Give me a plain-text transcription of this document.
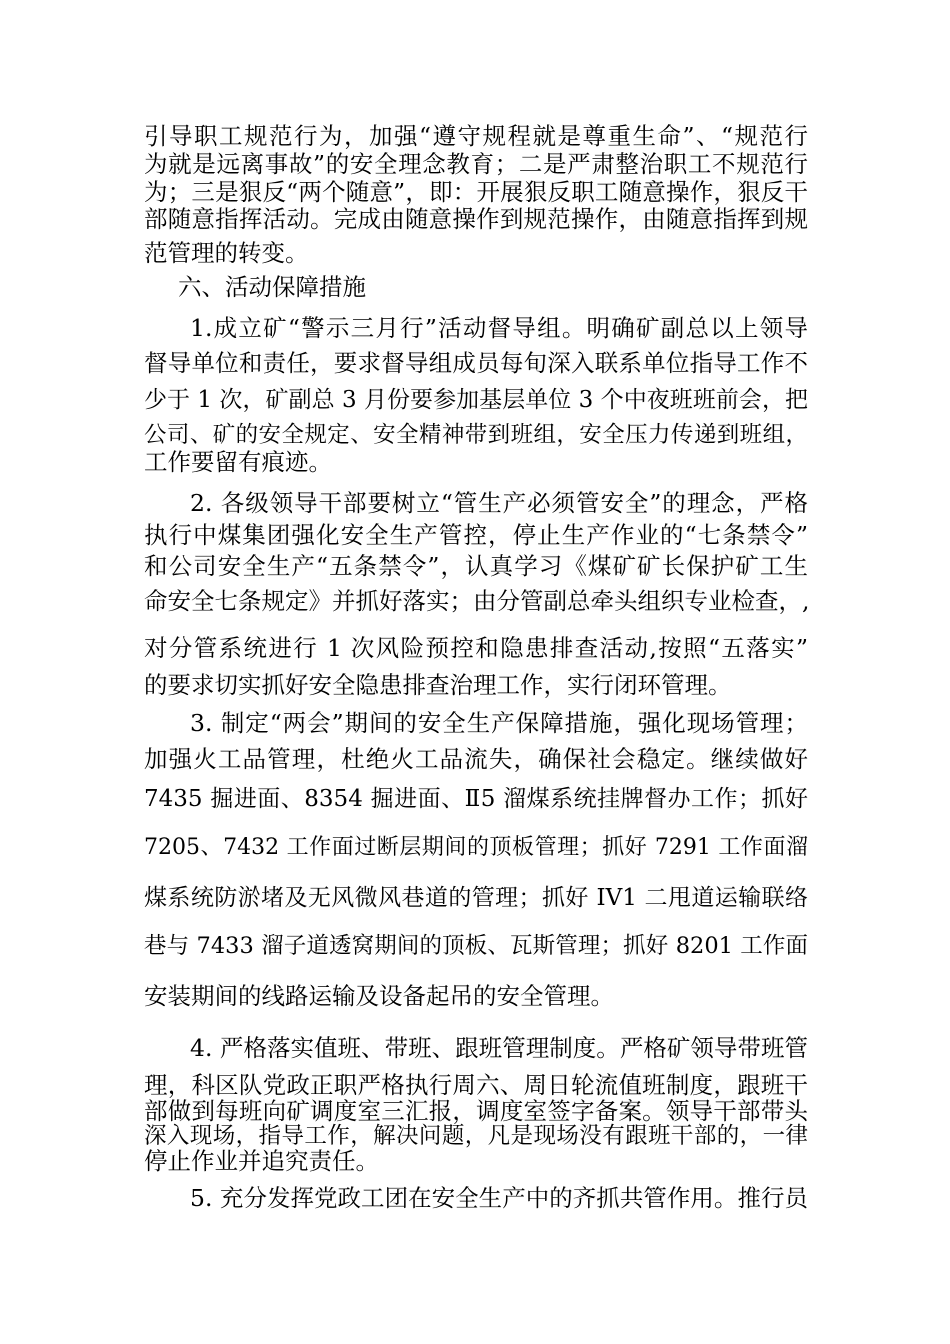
引导职工规范行为，加强“遵守规程就是尊重生命”、“规范行

为就是远离事故”的安全理念教育；二是严肃整治职工不规范行

为；三是狠反“两个随意”，即：开展狠反职工随意操作，狠反干

部随意指挥活动。完成由随意操作到规范操作，由随意指挥到规

范管理的转变。

六、活动保障措施

1.成立矿“警示三月行”活动督导组。明确矿副总以上领导

督导单位和责任，要求督导组成员每旬深入联系单位指导工作不

少于 1 次，矿副总 3 月份要参加基层单位 3 个中夜班班前会，把

公司、矿的安全规定、安全精神带到班组，安全压力传递到班组，

工作要留有痕迹。

2. 各级领导干部要树立“管生产必须管安全”的理念，严格

执行中煤集团强化安全生产管控，停止生产作业的“七条禁令”

和公司安全生产“五条禁令”，认真学习《煤矿矿长保护矿工生

命安全七条规定》并抓好落实；由分管副总牵头组织专业检查，,

对分管系统进行 1 次风险预控和隐患排查活动,按照“五落实”

的要求切实抓好安全隐患排查治理工作，实行闭环管理。

3. 制定“两会”期间的安全生产保障措施，强化现场管理；

加强火工品管理，杜绝火工品流失，确保社会稳定。继续做好

7435 掘进面、8354 掘进面、Ⅱ5 溜煤系统挂牌督办工作；抓好

7205、7432 工作面过断层期间的顶板管理；抓好 7291 工作面溜

煤系统防淤堵及无风微风巷道的管理；抓好 IV1 二甩道运输联络

巷与 7433 溜子道透窝期间的顶板、瓦斯管理；抓好 8201 工作面

安装期间的线路运输及设备起吊的安全管理。

4. 严格落实值班、带班、跟班管理制度。严格矿领导带班管

理，科区队党政正职严格执行周六、周日轮流值班制度，跟班干

部做到每班向矿调度室三汇报，调度室签字备案。领导干部带头

深入现场，指导工作，解决问题，凡是现场没有跟班干部的，一律

停止作业并追究责任。

5. 充分发挥党政工团在安全生产中的齐抓共管作用。推行员
